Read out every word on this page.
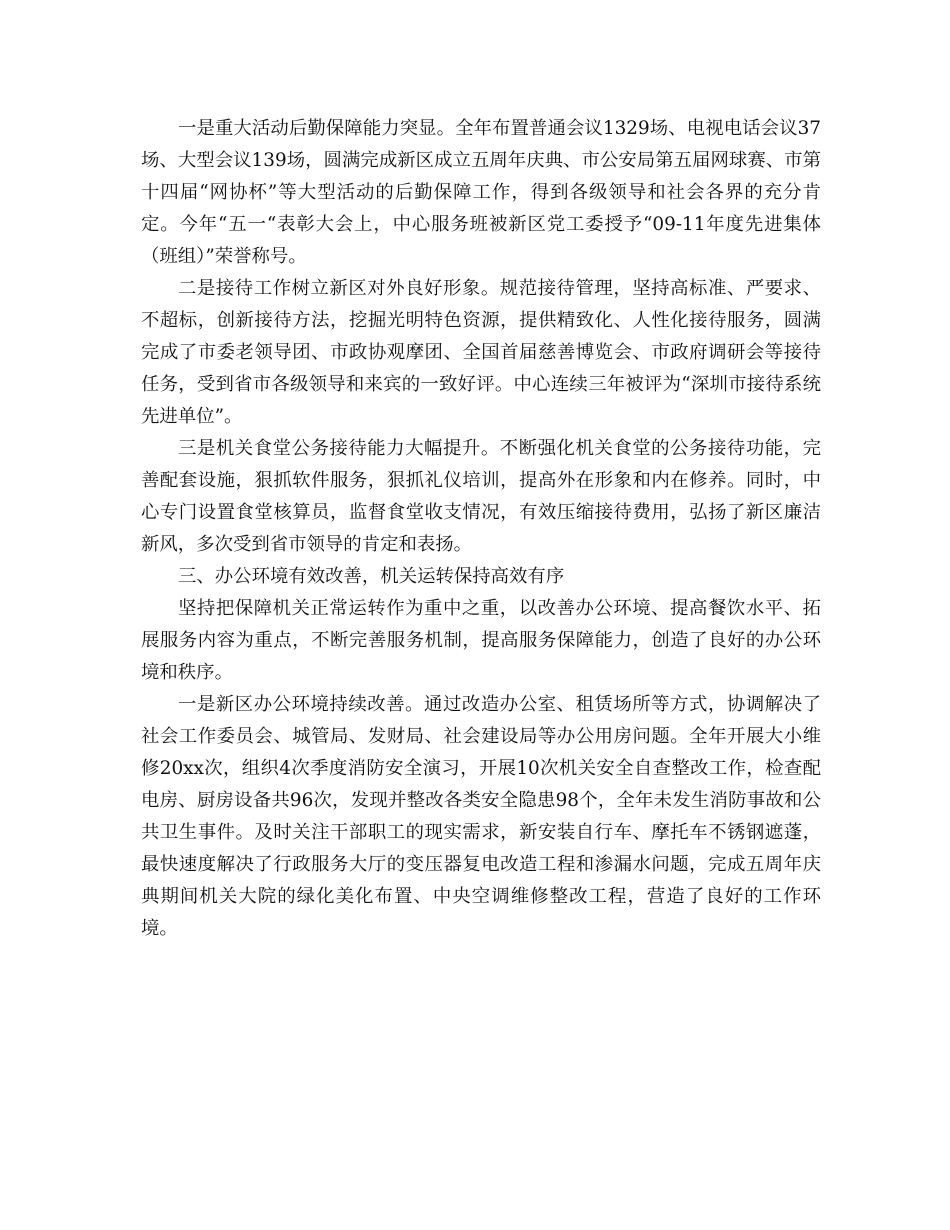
一是重大活动后勤保障能力突显。全年布置普通会议1329场、电视电话会议37场、大型会议139场，圆满完成新区成立五周年庆典、市公安局第五届网球赛、市第十四届“网协杯”等大型活动的后勤保障工作，得到各级领导和社会各界的充分肯定。今年“五一“表彰大会上，中心服务班被新区党工委授予“09-11年度先进集体（班组）”荣誉称号。

二是接待工作树立新区对外良好形象。规范接待管理，坚持高标准、严要求、不超标，创新接待方法，挖掘光明特色资源，提供精致化、人性化接待服务，圆满完成了市委老领导团、市政协观摩团、全国首届慈善博览会、市政府调研会等接待任务，受到省市各级领导和来宾的一致好评。中心连续三年被评为“深圳市接待系统先进单位”。

三是机关食堂公务接待能力大幅提升。不断强化机关食堂的公务接待功能，完善配套设施，狠抓软件服务，狠抓礼仪培训，提高外在形象和内在修养。同时，中心专门设置食堂核算员，监督食堂收支情况，有效压缩接待费用，弘扬了新区廉洁新风，多次受到省市领导的肯定和表扬。

三、办公环境有效改善，机关运转保持高效有序

坚持把保障机关正常运转作为重中之重，以改善办公环境、提高餐饮水平、拓展服务内容为重点，不断完善服务机制，提高服务保障能力，创造了良好的办公环境和秩序。

一是新区办公环境持续改善。通过改造办公室、租赁场所等方式，协调解决了社会工作委员会、城管局、发财局、社会建设局等办公用房问题。全年开展大小维修20xx次，组织4次季度消防安全演习，开展10次机关安全自查整改工作，检查配电房、厨房设备共96次，发现并整改各类安全隐患98个，全年未发生消防事故和公共卫生事件。及时关注干部职工的现实需求，新安装自行车、摩托车不锈钢遮蓬，最快速度解决了行政服务大厅的变压器复电改造工程和渗漏水问题，完成五周年庆典期间机关大院的绿化美化布置、中央空调维修整改工程，营造了良好的工作环境。
